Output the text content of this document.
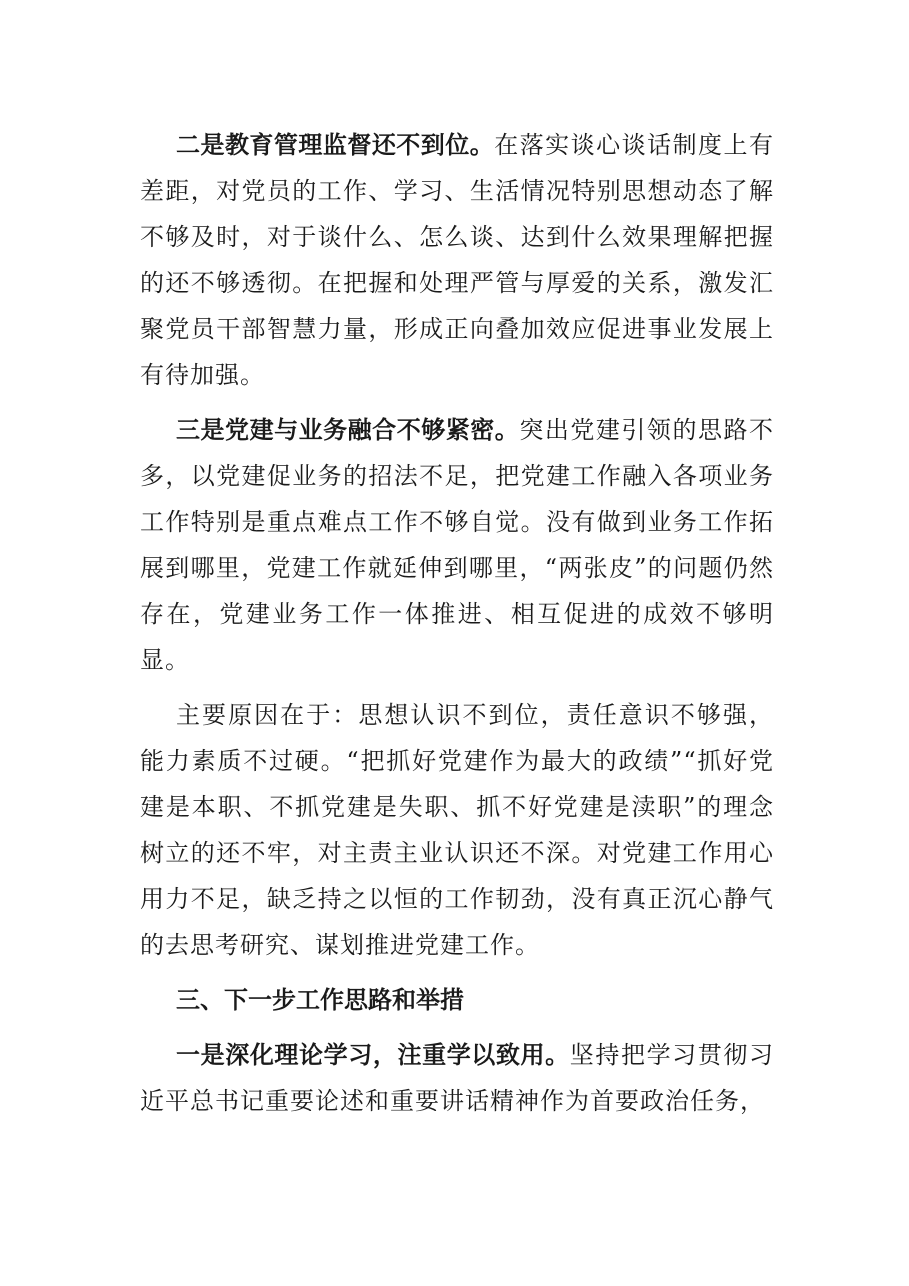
二是教育管理监督还不到位。在落实谈心谈话制度上有差距，对党员的工作、学习、生活情况特别思想动态了解不够及时，对于谈什么、怎么谈、达到什么效果理解把握的还不够透彻。在把握和处理严管与厚爱的关系，激发汇聚党员干部智慧力量，形成正向叠加效应促进事业发展上有待加强。

三是党建与业务融合不够紧密。突出党建引领的思路不多，以党建促业务的招法不足，把党建工作融入各项业务工作特别是重点难点工作不够自觉。没有做到业务工作拓展到哪里，党建工作就延伸到哪里，“两张皮”的问题仍然存在，党建业务工作一体推进、相互促进的成效不够明显。

主要原因在于：思想认识不到位，责任意识不够强，能力素质不过硬。“把抓好党建作为最大的政绩”“抓好党建是本职、不抓党建是失职、抓不好党建是渎职”的理念树立的还不牢，对主责主业认识还不深。对党建工作用心用力不足，缺乏持之以恒的工作韧劲，没有真正沉心静气的去思考研究、谋划推进党建工作。

三、下一步工作思路和举措

一是深化理论学习，注重学以致用。坚持把学习贯彻习近平总书记重要论述和重要讲话精神作为首要政治任务，
